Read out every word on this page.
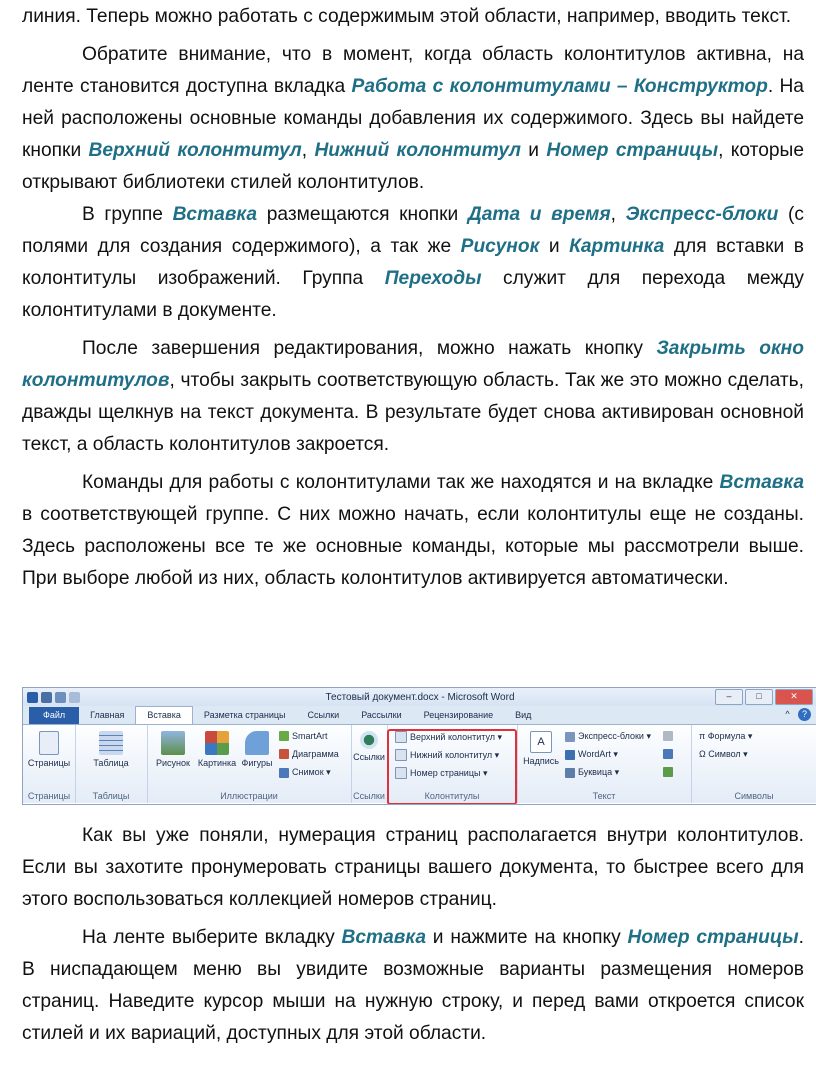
линия. Теперь можно работать с содержимым этой области, например, вводить текст.

Обратите внимание, что в момент, когда область колонтитулов активна, на ленте становится доступна вкладка Работа с колонтитулами – Конструктор. На ней расположены основные команды добавления их содержимого. Здесь вы найдете кнопки Верхний колонтитул, Нижний колонтитул и Номер страницы, которые открывают библиотеки стилей колонтитулов.

В группе Вставка размещаются кнопки Дата и время, Экспресс-блоки (с полями для создания содержимого), а так же Рисунок и Картинка для вставки в колонтитулы изображений. Группа Переходы служит для перехода между колонтитулами в документе.

После завершения редактирования, можно нажать кнопку Закрыть окно колонтитулов, чтобы закрыть соответствующую область. Так же это можно сделать, дважды щелкнув на текст документа. В результате будет снова активирован основной текст, а область колонтитулов закроется.

Команды для работы с колонтитулами так же находятся и на вкладке Вставка в соответствующей группе. С них можно начать, если колонтитулы еще не созданы. Здесь расположены все те же основные команды, которые мы рассмотрели выше. При выборе любой из них, область колонтитулов активируется автоматически.

Как вы уже поняли, нумерация страниц располагается внутри колонтитулов. Если вы захотите пронумеровать страницы вашего документа, то быстрее всего для этого воспользоваться коллекцией номеров страниц.

На ленте выберите вкладку Вставка и нажмите на кнопку Номер страницы. В ниспадающем меню вы увидите возможные варианты размещения номеров страниц. Наведите курсор мыши на нужную строку, и перед вами откроется список стилей и их вариаций, доступных для этой области.

Тестовый документ.docx - Microsoft Word	–	□	✕
Файл	Главная	Вставка	Разметка страницы	Ссылки	Рассылки	Рецензирование	Вид	^	?
Страницы
	Таблица
Таблицы
Рисунок Картинка Фигуры
SmartArt
Диаграмма
Снимок ▾
Иллюстрации
Ссылки

Верхний колонтитул ▾
Нижний колонтитул ▾
Номер страницы ▾
Колонтитулы
A
Надпись
Экспресс-блоки ▾
WordArt ▾
Буквица ▾
Текст
π Формула ▾
Ω Символ ▾
Символы
Страницы	Ссылки
